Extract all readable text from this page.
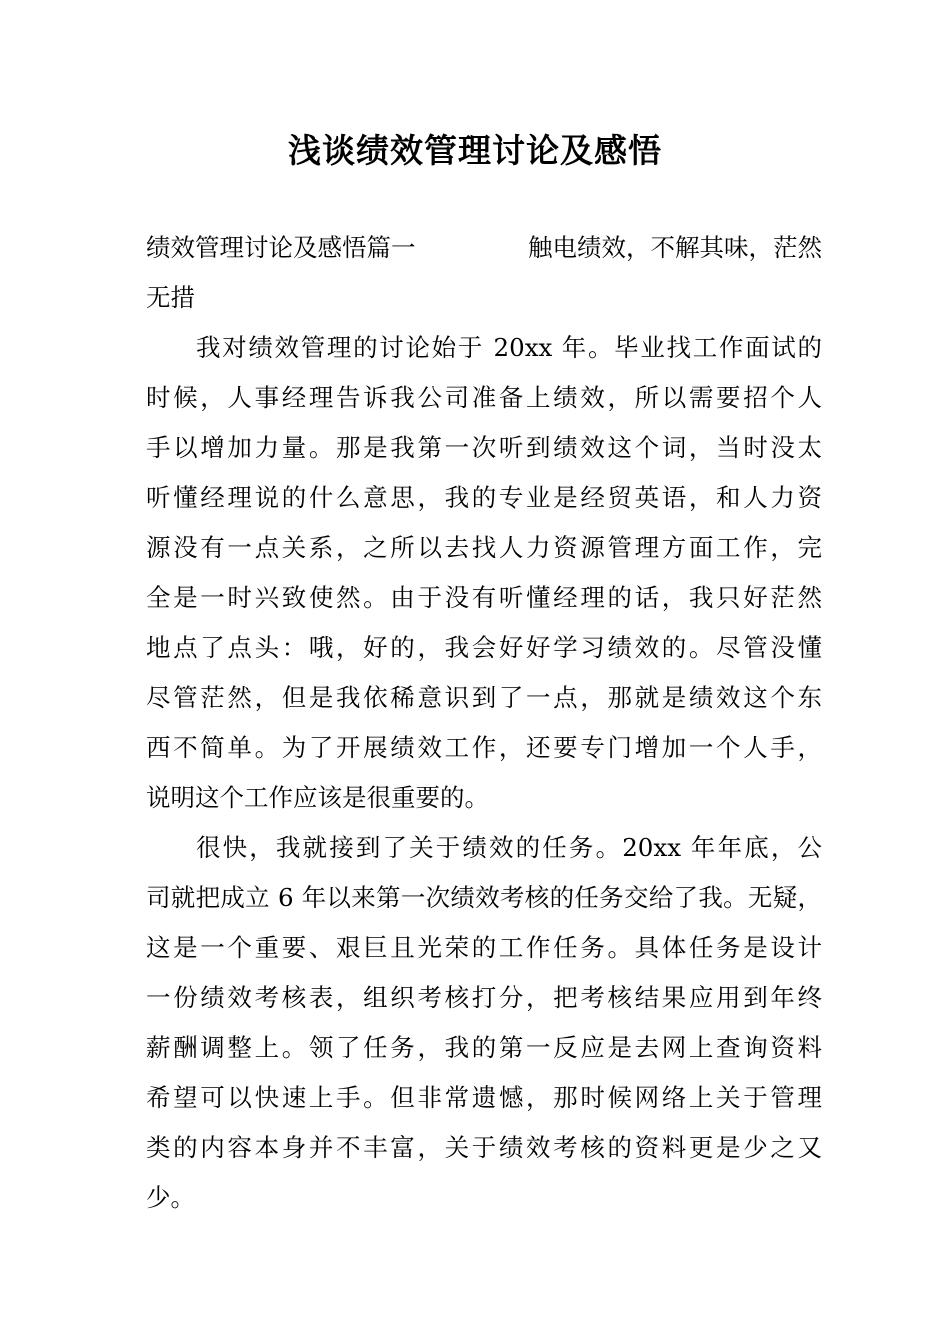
浅谈绩效管理讨论及感悟
绩效管理讨论及感悟篇一	触电绩效，不解其味，茫然
无措
我对绩效管理的讨论始于 20xx 年。毕业找工作面试的
时候，人事经理告诉我公司准备上绩效，所以需要招个人
手以增加力量。那是我第一次听到绩效这个词，当时没太
听懂经理说的什么意思，我的专业是经贸英语，和人力资
源没有一点关系，之所以去找人力资源管理方面工作，完
全是一时兴致使然。由于没有听懂经理的话，我只好茫然
地点了点头：哦，好的，我会好好学习绩效的。尽管没懂
尽管茫然，但是我依稀意识到了一点，那就是绩效这个东
西不简单。为了开展绩效工作，还要专门增加一个人手，
说明这个工作应该是很重要的。
很快，我就接到了关于绩效的任务。20xx 年年底，公
司就把成立 6 年以来第一次绩效考核的任务交给了我。无疑，
这是一个重要、艰巨且光荣的工作任务。具体任务是设计
一份绩效考核表，组织考核打分，把考核结果应用到年终
薪酬调整上。领了任务，我的第一反应是去网上查询资料
希望可以快速上手。但非常遗憾，那时候网络上关于管理
类的内容本身并不丰富，关于绩效考核的资料更是少之又
少。
